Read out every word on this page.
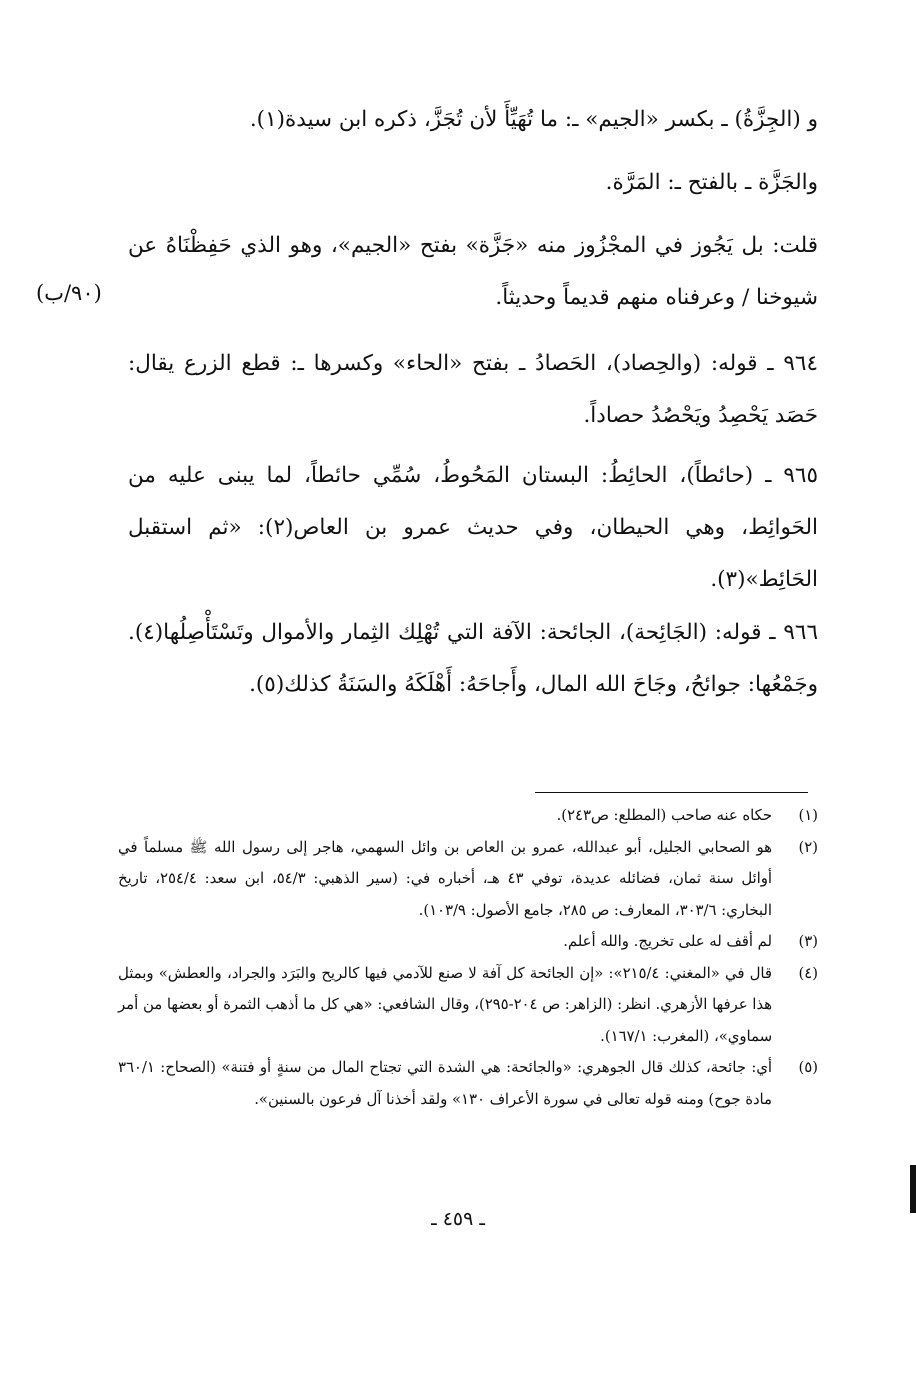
و (الجِزَّةُ) ـ بكسر «الجيم» ـ: ما تُهَيِّأَ لأن تُجَزَّ، ذكره ابن سيدة(١).

والجَزَّة ـ بالفتح ـ: المَرَّة.

قلت: بل يَجُوز في المجْزُوز منه «جَزَّة» بفتح «الجيم»، وهو الذي حَفِظْنَاهُ عن شيوخنا / وعرفناه منهم قديماً وحديثاً.

(٩٠/ب)

٩٦٤ ـ قوله: (والحِصاد)، الحَصادُ ـ بفتح «الحاء» وكسرها ـ: قطع الزرع يقال: حَصَد يَحْصِدُ ويَحْصُدُ حصاداً.

٩٦٥ ـ (حائطاً)، الحائِطُ: البستان المَحُوطُ، سُمِّي حائطاً، لما يبنى عليه من الحَوائِط، وهي الحيطان، وفي حديث عمرو بن العاص(٢): «ثم استقبل الحَائِط»(٣).

٩٦٦ ـ قوله: (الجَائِحة)، الجائحة: الآفة التي تُهْلِك الثِمار والأموال وتَسْتَأْصِلُها(٤). وجَمْعُها: جوائحُ، وجَاحَ الله المال، وأَجاحَهُ: أَهْلَكَهُ والسَنَةُ كذلك(٥).

(١)
حكاه عنه صاحب (المطلع: ص٢٤٣).
(٢)
هو الصحابي الجليل، أبو عبدالله، عمرو بن العاص بن وائل السهمي، هاجر إلى رسول الله ﷺ مسلماً في أوائل سنة ثمان، فضائله عديدة، توفي ٤٣ هـ، أخباره في: (سير الذهبي: ٥٤/٣، ابن سعد: ٢٥٤/٤، تاريخ البخاري: ٣٠٣/٦، المعارف: ص ٢٨٥، جامع الأصول: ١٠٣/٩).
(٣)
لم أقف له على تخريج. والله أعلم.
(٤)
قال في «المغني: ٢١٥/٤»: «إن الجائحة كل آفة لا صنع للآدمي فيها كالريح والبَرَد والجراد، والعطش» وبمثل هذا عرفها الأزهري. انظر: (الزاهر: ص ٢٠٤-٢٩٥)، وقال الشافعي: «هي كل ما أذهب الثمرة أو بعضها من أمر سماوي»، (المغرب: ١٦٧/١).
(٥)
أي: جائحة، كذلك قال الجوهري: «والجائحة: هي الشدة التي تجتاح المال من سنةٍ أو فتنة» (الصحاح: ٣٦٠/١ مادة جوح) ومنه قوله تعالى في سورة الأعراف ١٣٠» ولقد أخذنا آل فرعون بالسنين».
ـ ٤٥٩ ـ
